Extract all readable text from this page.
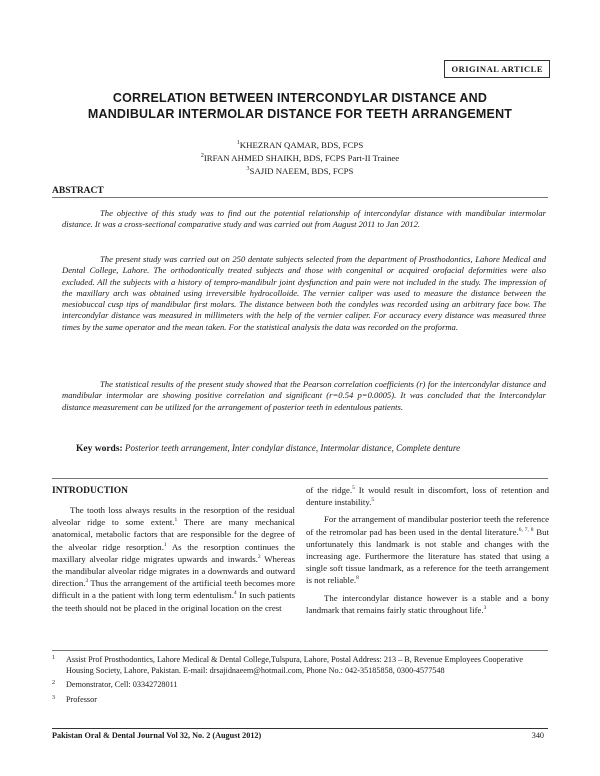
ORIGINAL ARTICLE
CORRELATION BETWEEN INTERCONDYLAR DISTANCE AND
MANDIBULAR INTERMOLAR DISTANCE FOR TEETH ARRANGEMENT
$^1$KHEZRAN QAMAR, BDS, FCPS
$^2$IRFAN AHMED SHAIKH, BDS, FCPS Part-II Trainee
$^3$SAJID NAEEM, BDS, FCPS
ABSTRACT

The objective of this study was to find out the potential relationship of intercondylar distance with mandibular intermolar distance. It was a cross-sectional comparative study and was carried out from August 2011 to Jan 2012.

The present study was carried out on 250 dentate subjects selected from the department of Prosthodontics, Lahore Medical and Dental College, Lahore. The orthodontically treated subjects and those with congenital or acquired orofacial deformities were also excluded. All the subjects with a history of tempro-mandibulr joint dysfunction and pain were not included in the study. The impression of the maxillary arch was obtained using irreversible hydrocolloide. The vernier caliper was used to measure the distance between the mesiobuccal cusp tips of mandibular first molars. The distance between both the condyles was recorded using an arbitrary face bow. The intercondylar distance was measured in millimeters with the help of the vernier caliper. For accuracy every distance was measured three times by the same operator and the mean taken. For the statistical analysis the data was recorded on the proforma.

The statistical results of the present study showed that the Pearson correlation coefficients (r) for the intercondylar distance and mandibular intermolar are showing positive correlation and significant (r=0.54 p=0.0005). It was concluded that the Intercondylar distance measurement can be utilized for the arrangement of posterior teeth in edentulous patients.

Key words: Posterior teeth arrangement, Inter condylar distance, Intermolar distance, Complete denture

INTRODUCTION

The tooth loss always results in the resorption of the residual alveolar ridge to some extent.$^1$ There are many mechanical anatomical, metabolic factors that are responsible for the degree of the alveolar ridge resorption.$^1$ As the resorption continues the maxillary alveolar ridge migrates upwards and inwards.$^2$ Whereas the mandibular alveolar ridge migrates in a downwards and outward direction.$^3$ Thus the arrangement of the artificial teeth becomes more difficult in a the patient with long term edentulism.$^4$ In such patients the teeth should not be placed in the original location on the crest

of the ridge.$^5$ It would result in discomfort, loss of retention and denture instability.$^5$

For the arrangement of mandibular posterior teeth the reference of the retromolar pad has been used in the dental literature.$^{6, 7, 8}$ But unfortunately this landmark is not stable and changes with the increasing age. Furthermore the literature has stated that using a single soft tissue landmark, as a reference for the teeth arrangement is not reliable.$^8$

The intercondylar distance however is a stable and a bony landmark that remains fairly static throughout life.$^3$

1 Assist Prof Prosthodontics, Lahore Medical & Dental College,Tulspura, Lahore, Postal Address: 213 – B, Revenue Employees Cooperative Housing Society, Lahore, Pakistan. E-mail: drsajidnaeem@hotmail.com, Phone No.: 042-35185858, 0300-4577548
2 Demonstrator, Cell: 03342728011
3 Professor
Pakistan Oral & Dental Journal Vol 32, No. 2 (August 2012)	340
